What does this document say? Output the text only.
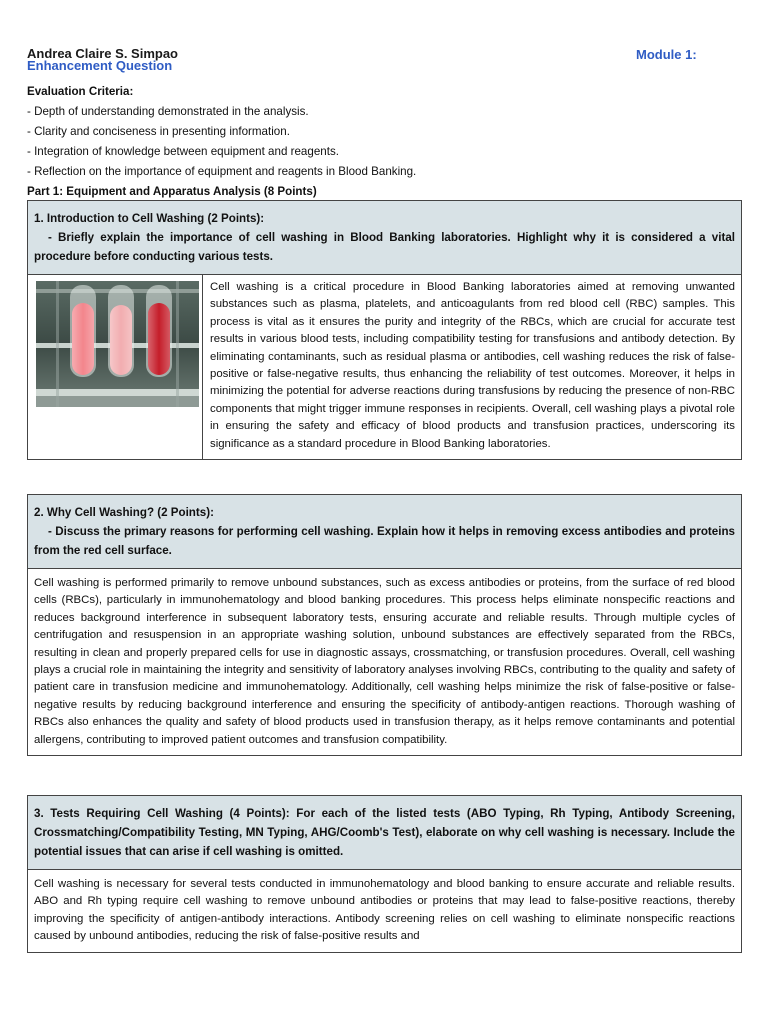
Andrea Claire S. Simpao
Enhancement Question
Module 1:
Evaluation Criteria:
- Depth of understanding demonstrated in the analysis.
- Clarity and conciseness in presenting information.
- Integration of knowledge between equipment and reagents.
- Reflection on the importance of equipment and reagents in Blood Banking.
Part 1: Equipment and Apparatus Analysis (8 Points)
1. Introduction to Cell Washing (2 Points):
- Briefly explain the importance of cell washing in Blood Banking laboratories. Highlight why it is considered a vital procedure before conducting various tests.
Cell washing is a critical procedure in Blood Banking laboratories aimed at removing unwanted substances such as plasma, platelets, and anticoagulants from red blood cell (RBC) samples. This process is vital as it ensures the purity and integrity of the RBCs, which are crucial for accurate test results in various blood tests, including compatibility testing for transfusions and antibody detection. By eliminating contaminants, such as residual plasma or antibodies, cell washing reduces the risk of false-positive or false-negative results, thus enhancing the reliability of test outcomes. Moreover, it helps in minimizing the potential for adverse reactions during transfusions by reducing the presence of non-RBC components that might trigger immune responses in recipients. Overall, cell washing plays a pivotal role in ensuring the safety and efficacy of blood products and transfusion practices, underscoring its significance as a standard procedure in Blood Banking laboratories.
2. Why Cell Washing? (2 Points):
- Discuss the primary reasons for performing cell washing. Explain how it helps in removing excess antibodies and proteins from the red cell surface.
Cell washing is performed primarily to remove unbound substances, such as excess antibodies or proteins, from the surface of red blood cells (RBCs), particularly in immunohematology and blood banking procedures. This process helps eliminate nonspecific reactions and reduces background interference in subsequent laboratory tests, ensuring accurate and reliable results. Through multiple cycles of centrifugation and resuspension in an appropriate washing solution, unbound substances are effectively separated from the RBCs, resulting in clean and properly prepared cells for use in diagnostic assays, crossmatching, or transfusion procedures. Overall, cell washing plays a crucial role in maintaining the integrity and sensitivity of laboratory analyses involving RBCs, contributing to the quality and safety of patient care in transfusion medicine and immunohematology. Additionally, cell washing helps minimize the risk of false-positive or false-negative results by reducing background interference and ensuring the specificity of antibody-antigen reactions. Thorough washing of RBCs also enhances the quality and safety of blood products used in transfusion therapy, as it helps remove contaminants and potential allergens, contributing to improved patient outcomes and transfusion compatibility.
3. Tests Requiring Cell Washing (4 Points): For each of the listed tests (ABO Typing, Rh Typing, Antibody Screening, Crossmatching/Compatibility Testing, MN Typing, AHG/Coomb's Test), elaborate on why cell washing is necessary. Include the potential issues that can arise if cell washing is omitted.
Cell washing is necessary for several tests conducted in immunohematology and blood banking to ensure accurate and reliable results. ABO and Rh typing require cell washing to remove unbound antibodies or proteins that may lead to false-positive reactions, thereby improving the specificity of antigen-antibody interactions. Antibody screening relies on cell washing to eliminate nonspecific reactions caused by unbound antibodies, reducing the risk of false-positive results and
